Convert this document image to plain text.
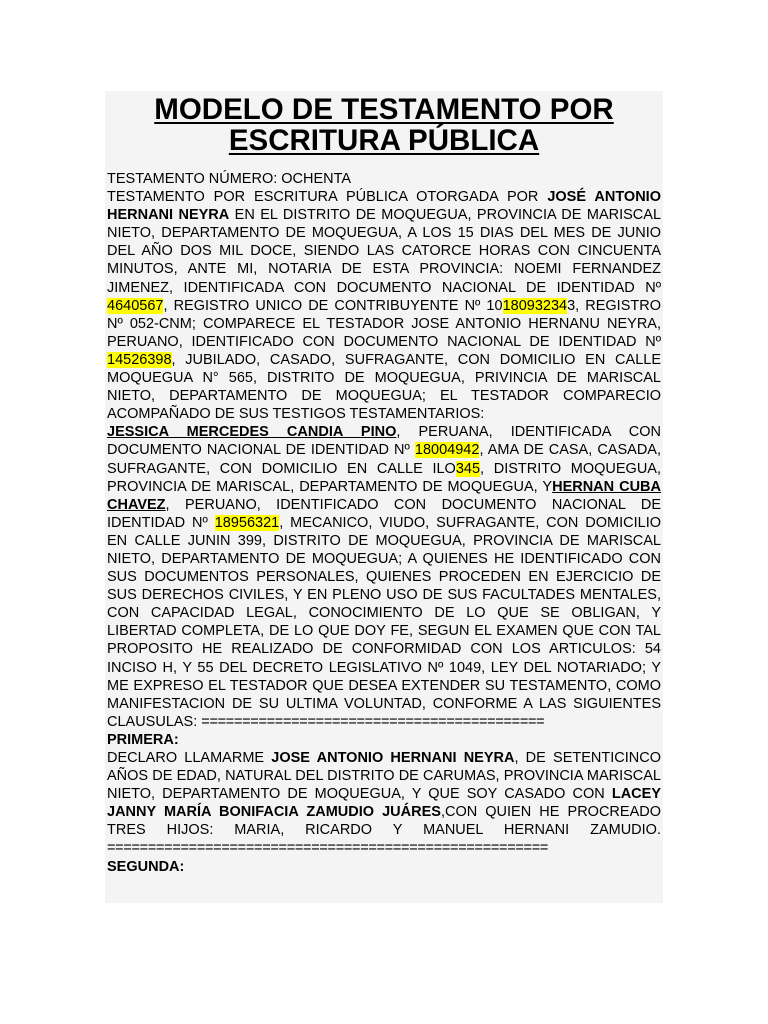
MODELO DE TESTAMENTO POR
ESCRITURA PÚBLICA

TESTAMENTO NÚMERO: OCHENTA

TESTAMENTO POR ESCRITURA PÚBLICA OTORGADA POR JOSÉ ANTONIO HERNANI NEYRA EN EL DISTRITO DE MOQUEGUA, PROVINCIA DE MARISCAL NIETO, DEPARTAMENTO DE MOQUEGUA, A LOS 15 DIAS DEL MES DE JUNIO DEL AÑO DOS MIL DOCE, SIENDO LAS CATORCE HORAS CON CINCUENTA MINUTOS, ANTE MI, NOTARIA DE ESTA PROVINCIA: NOEMI FERNANDEZ JIMENEZ, IDENTIFICADA CON DOCUMENTO NACIONAL DE IDENTIDAD Nº 4640567, REGISTRO UNICO DE CONTRIBUYENTE Nº 10180932343, REGISTRO Nº 052-CNM; COMPARECE EL TESTADOR JOSE ANTONIO HERNANU NEYRA, PERUANO, IDENTIFICADO CON DOCUMENTO NACIONAL DE IDENTIDAD Nº 14526398, JUBILADO, CASADO, SUFRAGANTE, CON DOMICILIO EN CALLE MOQUEGUA N° 565, DISTRITO DE MOQUEGUA, PRIVINCIA DE MARISCAL NIETO, DEPARTAMENTO DE MOQUEGUA; EL TESTADOR COMPARECIO ACOMPAÑADO DE SUS TESTIGOS TESTAMENTARIOS:

JESSICA MERCEDES CANDIA PINO, PERUANA, IDENTIFICADA CON DOCUMENTO NACIONAL DE IDENTIDAD Nº 18004942, AMA DE CASA, CASADA, SUFRAGANTE, CON DOMICILIO EN CALLE ILO345, DISTRITO MOQUEGUA, PROVINCIA DE MARISCAL, DEPARTAMENTO DE MOQUEGUA, YHERNAN CUBA CHAVEZ, PERUANO, IDENTIFICADO CON DOCUMENTO NACIONAL DE IDENTIDAD Nº 18956321, MECANICO, VIUDO, SUFRAGANTE, CON DOMICILIO EN CALLE JUNIN 399, DISTRITO DE MOQUEGUA, PROVINCIA DE MARISCAL NIETO, DEPARTAMENTO DE MOQUEGUA; A QUIENES HE IDENTIFICADO CON SUS DOCUMENTOS PERSONALES, QUIENES PROCEDEN EN EJERCICIO DE SUS DERECHOS CIVILES, Y EN PLENO USO DE SUS FACULTADES MENTALES, CON CAPACIDAD LEGAL, CONOCIMIENTO DE LO QUE SE OBLIGAN, Y LIBERTAD COMPLETA, DE LO QUE DOY FE, SEGUN EL EXAMEN QUE CON TAL PROPOSITO HE REALIZADO DE CONFORMIDAD CON LOS ARTICULOS: 54 INCISO H, Y 55 DEL DECRETO LEGISLATIVO Nº 1049, LEY DEL NOTARIADO; Y ME EXPRESO EL TESTADOR QUE DESEA EXTENDER SU TESTAMENTO, COMO MANIFESTACION DE SU ULTIMA VOLUNTAD, CONFORME A LAS SIGUIENTES CLAUSULAS: ==========================================

PRIMERA:

DECLARO LLAMARME JOSE ANTONIO HERNANI NEYRA, DE SETENTICINCO AÑOS DE EDAD, NATURAL DEL DISTRITO DE CARUMAS, PROVINCIA MARISCAL NIETO, DEPARTAMENTO DE MOQUEGUA, Y QUE SOY CASADO CON LACEY JANNY MARÍA BONIFACIA ZAMUDIO JUÁRES,CON QUIEN HE PROCREADO TRES HIJOS: MARIA, RICARDO Y MANUEL HERNANI ZAMUDIO. ======================================================

SEGUNDA:
